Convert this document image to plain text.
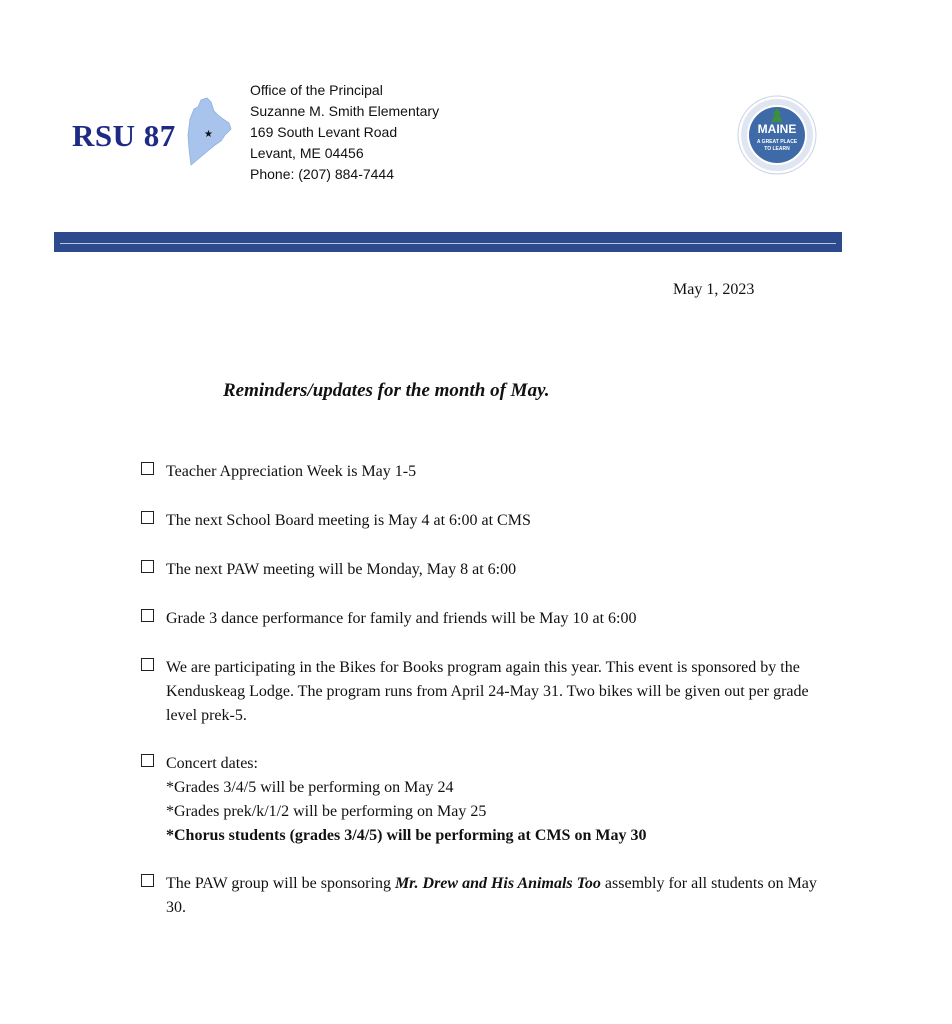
RSU 87	★
Office of the Principal
Suzanne M. Smith Elementary
169 South Levant Road
Levant, ME 04456
Phone: (207) 884-7444
MAINE
A GREAT PLACE
TO LEARN
May 1, 2023
Reminders/updates for the month of May.
Teacher Appreciation Week is May 1-5
The next School Board meeting is May 4 at 6:00 at CMS
The next PAW meeting will be Monday, May 8 at 6:00
Grade 3 dance performance for family and friends will be May 10 at 6:00
We are participating in the Bikes for Books program again this year. This event is sponsored by the Kenduskeag Lodge. The program runs from April 24-May 31. Two bikes will be given out per grade level prek-5.
Concert dates:
*Grades 3/4/5 will be performing on May 24
*Grades prek/k/1/2 will be performing on May 25
*Chorus students (grades 3/4/5) will be performing at CMS on May 30
The PAW group will be sponsoring Mr. Drew and His Animals Too assembly for all students on May 30.
